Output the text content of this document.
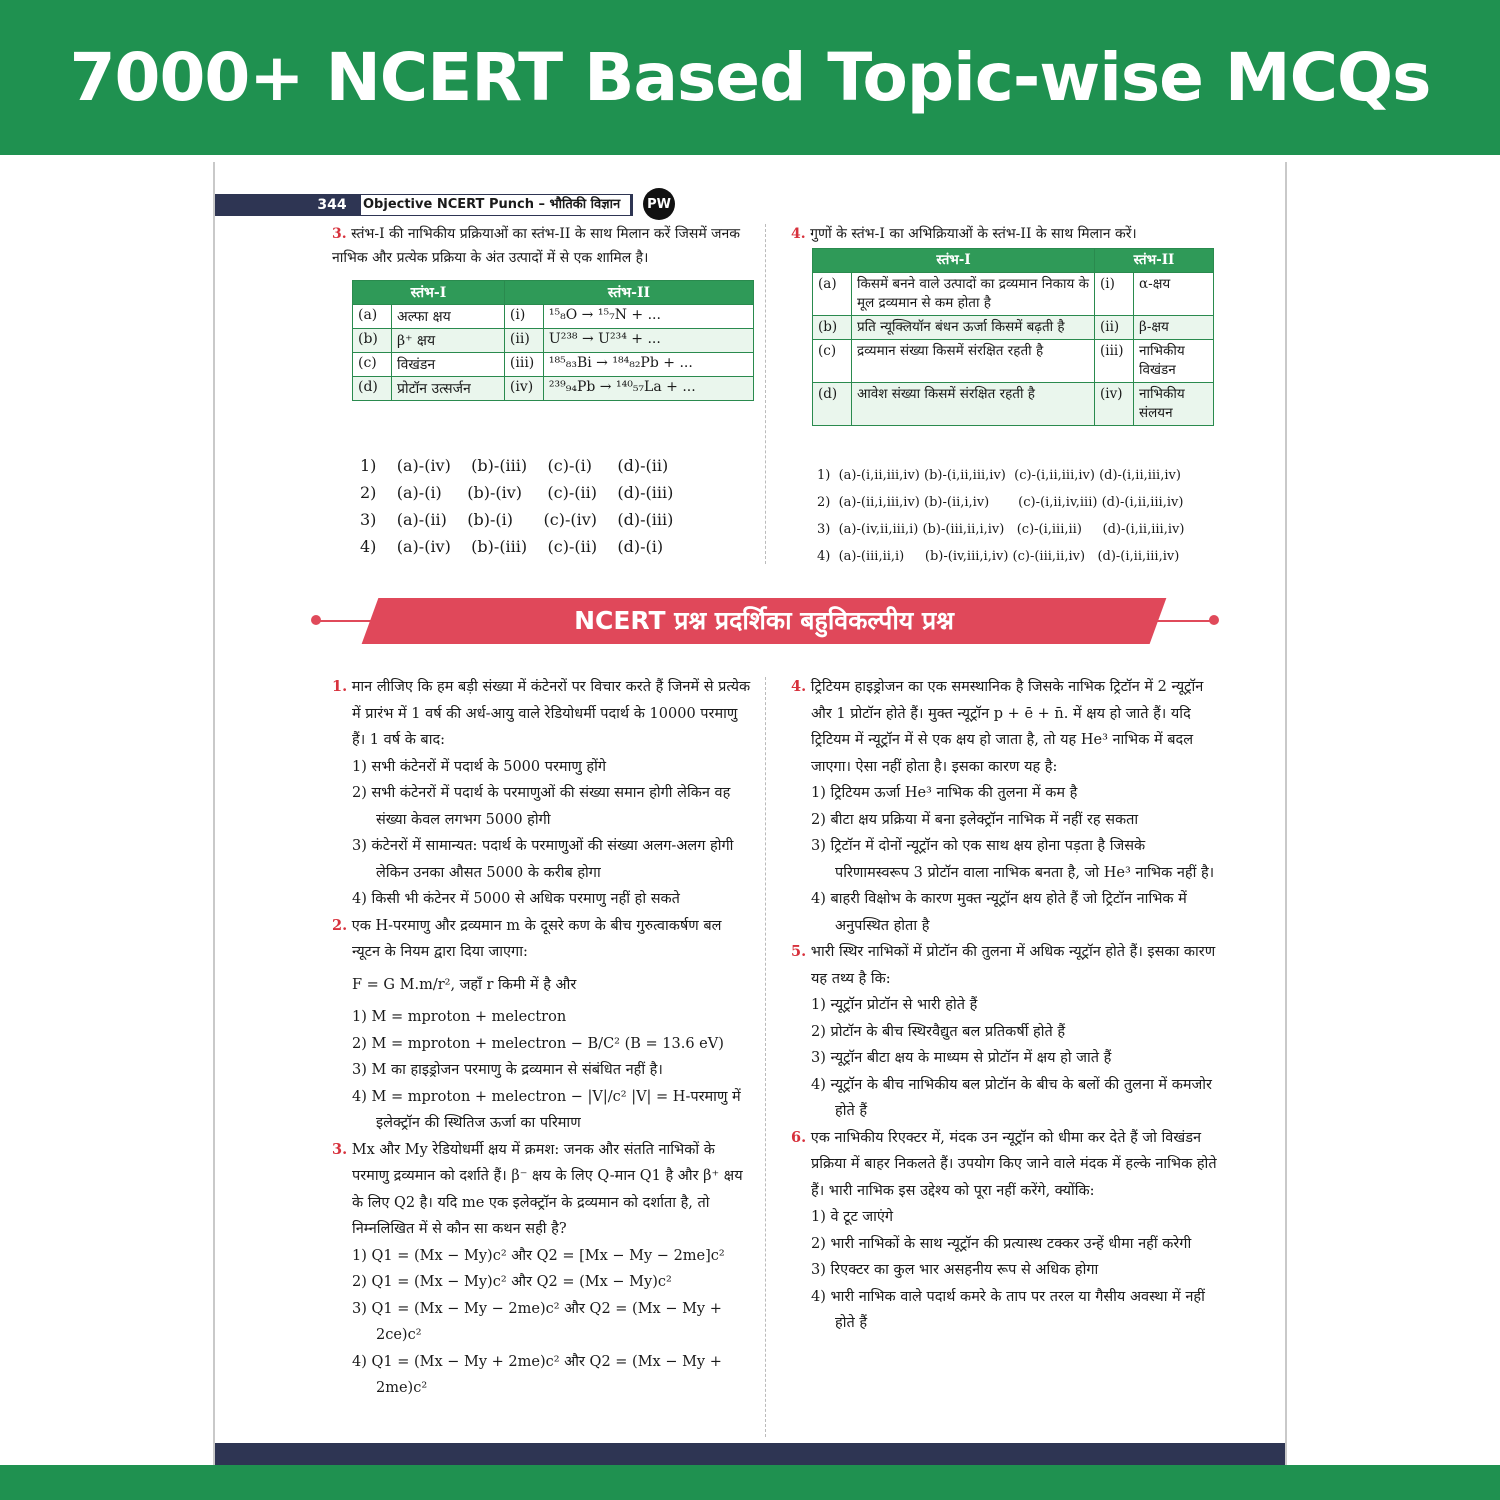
7000+ NCERT Based Topic-wise MCQs
344	Objective NCERT Punch – भौतिकी विज्ञान	PW
3. स्तंभ-I की नाभिकीय प्रक्रियाओं का स्तंभ-II के साथ मिलान करें जिसमें जनक नाभिक और प्रत्येक प्रक्रिया के अंत उत्पादों में से एक शामिल है।
स्तंभ-I		स्तंभ-II	
(a)	अल्फा क्षय	(i)	¹⁵₈O → ¹⁵₇N + ...
(b)	β⁺ क्षय	(ii)	U²³⁸ → U²³⁴ + ...
(c)	विखंडन	(iii)	¹⁸⁵₈₃Bi → ¹⁸⁴₈₂Pb + ...
(d)	प्रोटॉन उत्सर्जन	(iv)	²³⁹₉₄Pb → ¹⁴⁰₅₇La + ...
1)    (a)-(iv)    (b)-(iii)    (c)-(i)     (d)-(ii)
2)    (a)-(i)     (b)-(iv)     (c)-(ii)    (d)-(iii)
3)    (a)-(ii)    (b)-(i)      (c)-(iv)    (d)-(iii)
4)    (a)-(iv)    (b)-(iii)    (c)-(ii)    (d)-(i)
4. गुणों के स्तंभ-I का अभिक्रियाओं के स्तंभ-II के साथ मिलान करें।
स्तंभ-I		स्तंभ-II	
(a)	किसमें बनने वाले उत्पादों का द्रव्यमान निकाय के मूल द्रव्यमान से कम होता है	(i)	α-क्षय
(b)	प्रति न्यूक्लियॉन बंधन ऊर्जा किसमें बढ़ती है	(ii)	β-क्षय
(c)	द्रव्यमान संख्या किसमें संरक्षित रहती है	(iii)	नाभिकीय विखंडन
(d)	आवेश संख्या किसमें संरक्षित रहती है	(iv)	नाभिकीय संलयन
1)  (a)-(i,ii,iii,iv) (b)-(i,ii,iii,iv)  (c)-(i,ii,iii,iv) (d)-(i,ii,iii,iv)
2)  (a)-(ii,i,iii,iv) (b)-(ii,i,iv)       (c)-(i,ii,iv,iii) (d)-(i,ii,iii,iv)
3)  (a)-(iv,ii,iii,i) (b)-(iii,ii,i,iv)   (c)-(i,iii,ii)     (d)-(i,ii,iii,iv)
4)  (a)-(iii,ii,i)     (b)-(iv,iii,i,iv) (c)-(iii,ii,iv)   (d)-(i,ii,iii,iv)
NCERT प्रश्न प्रदर्शिका बहुविकल्पीय प्रश्न

1. मान लीजिए कि हम बड़ी संख्या में कंटेनरों पर विचार करते हैं जिनमें से प्रत्येक में प्रारंभ में 1 वर्ष की अर्ध-आयु वाले रेडियोधर्मी पदार्थ के 10000 परमाणु हैं। 1 वर्ष के बाद:

1) सभी कंटेनरों में पदार्थ के 5000 परमाणु होंगे

2) सभी कंटेनरों में पदार्थ के परमाणुओं की संख्या समान होगी लेकिन वह संख्या केवल लगभग 5000 होगी

3) कंटेनरों में सामान्यत: पदार्थ के परमाणुओं की संख्या अलग-अलग होगी लेकिन उनका औसत 5000 के करीब होगा

4) किसी भी कंटेनर में 5000 से अधिक परमाणु नहीं हो सकते

2. एक H-परमाणु और द्रव्यमान m के दूसरे कण के बीच गुरुत्वाकर्षण बल न्यूटन के नियम द्वारा दिया जाएगा:

F = G M.m/r², जहाँ r किमी में है और

1) M = mproton + melectron

2) M = mproton + melectron − B/C² (B = 13.6 eV)

3) M का हाइड्रोजन परमाणु के द्रव्यमान से संबंधित नहीं है।

4) M = mproton + melectron − |V|/c² |V| = H-परमाणु में इलेक्ट्रॉन की स्थितिज ऊर्जा का परिमाण

3. Mx और My रेडियोधर्मी क्षय में क्रमश: जनक और संतति नाभिकों के परमाणु द्रव्यमान को दर्शाते हैं। β⁻ क्षय के लिए Q-मान Q1 है और β⁺ क्षय के लिए Q2 है। यदि me एक इलेक्ट्रॉन के द्रव्यमान को दर्शाता है, तो निम्नलिखित में से कौन सा कथन सही है?

1) Q1 = (Mx − My)c² और Q2 = [Mx − My − 2me]c²

2) Q1 = (Mx − My)c² और Q2 = (Mx − My)c²

3) Q1 = (Mx − My − 2me)c² और Q2 = (Mx − My + 2ce)c²

4) Q1 = (Mx − My + 2me)c² और Q2 = (Mx − My + 2me)c²

4. ट्रिटियम हाइड्रोजन का एक समस्थानिक है जिसके नाभिक ट्रिटॉन में 2 न्यूट्रॉन और 1 प्रोटॉन होते हैं। मुक्त न्यूट्रॉन p + ē + n̄. में क्षय हो जाते हैं। यदि ट्रिटियम में न्यूट्रॉन में से एक क्षय हो जाता है, तो यह He³ नाभिक में बदल जाएगा। ऐसा नहीं होता है। इसका कारण यह है:

1) ट्रिटियम ऊर्जा He³ नाभिक की तुलना में कम है

2) बीटा क्षय प्रक्रिया में बना इलेक्ट्रॉन नाभिक में नहीं रह सकता

3) ट्रिटॉन में दोनों न्यूट्रॉन को एक साथ क्षय होना पड़ता है जिसके परिणामस्वरूप 3 प्रोटॉन वाला नाभिक बनता है, जो He³ नाभिक नहीं है।

4) बाहरी विक्षोभ के कारण मुक्त न्यूट्रॉन क्षय होते हैं जो ट्रिटॉन नाभिक में अनुपस्थित होता है

5. भारी स्थिर नाभिकों में प्रोटॉन की तुलना में अधिक न्यूट्रॉन होते हैं। इसका कारण यह तथ्य है कि:

1) न्यूट्रॉन प्रोटॉन से भारी होते हैं

2) प्रोटॉन के बीच स्थिरवैद्युत बल प्रतिकर्षी होते हैं

3) न्यूट्रॉन बीटा क्षय के माध्यम से प्रोटॉन में क्षय हो जाते हैं

4) न्यूट्रॉन के बीच नाभिकीय बल प्रोटॉन के बीच के बलों की तुलना में कमजोर होते हैं

6. एक नाभिकीय रिएक्टर में, मंदक उन न्यूट्रॉन को धीमा कर देते हैं जो विखंडन प्रक्रिया में बाहर निकलते हैं। उपयोग किए जाने वाले मंदक में हल्के नाभिक होते हैं। भारी नाभिक इस उद्देश्य को पूरा नहीं करेंगे, क्योंकि:

1) वे टूट जाएंगे

2) भारी नाभिकों के साथ न्यूट्रॉन की प्रत्यास्थ टक्कर उन्हें धीमा नहीं करेगी

3) रिएक्टर का कुल भार असहनीय रूप से अधिक होगा

4) भारी नाभिक वाले पदार्थ कमरे के ताप पर तरल या गैसीय अवस्था में नहीं होते हैं
